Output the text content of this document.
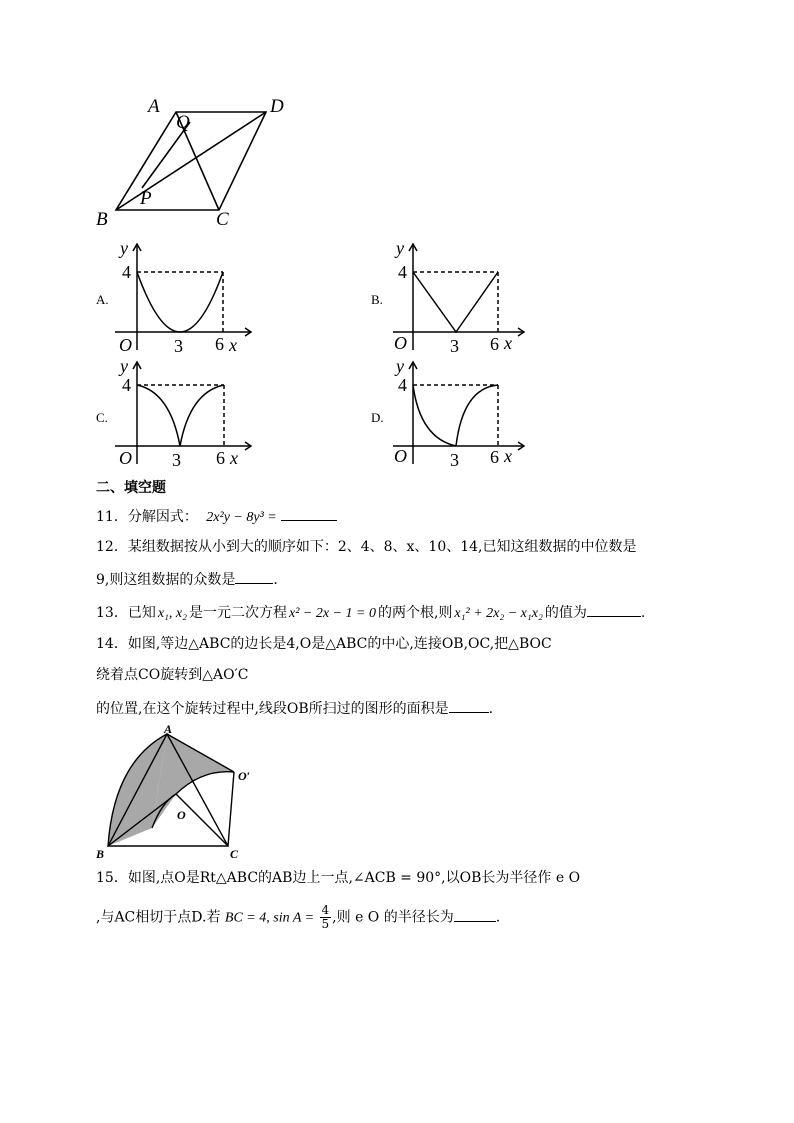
A	D
Q
B
P
C
A.
y
4
O 3 6 x
B.
y
4
O 3 6 x
C.
y
4
O 3 6 x
D.
y
4
O 3 6 x
二、填空题
11．分解因式： 2x²y − 8y³ =
12．某组数据按从小到大的顺序如下：2、4、8、x、10、14,已知这组数据的中位数是
9,则这组数据的众数是	.
13．已知 x₁, x₂ 是一元二次方程 x² − 2x − 1 = 0 的两个根,则 x₁² + 2x₂ − x₁x₂ 的值为	.
14．如图,等边△ABC的边长是4,O是△ABC的中心,连接OB,OC,把△BOC
绕着点CO旋转到△AO′C
的位置,在这个旋转过程中,线段OB所扫过的图形的面积是	.
A
O′
O
B	C
15．如图,点O是Rt△ABC的AB边上一点,∠ACB = 90°,以OB长为半径作 e O
,与AC相切于点D.若 BC = 4, $\sin A = \frac{4}{5}$ ,则 e O 的半径长为	.
